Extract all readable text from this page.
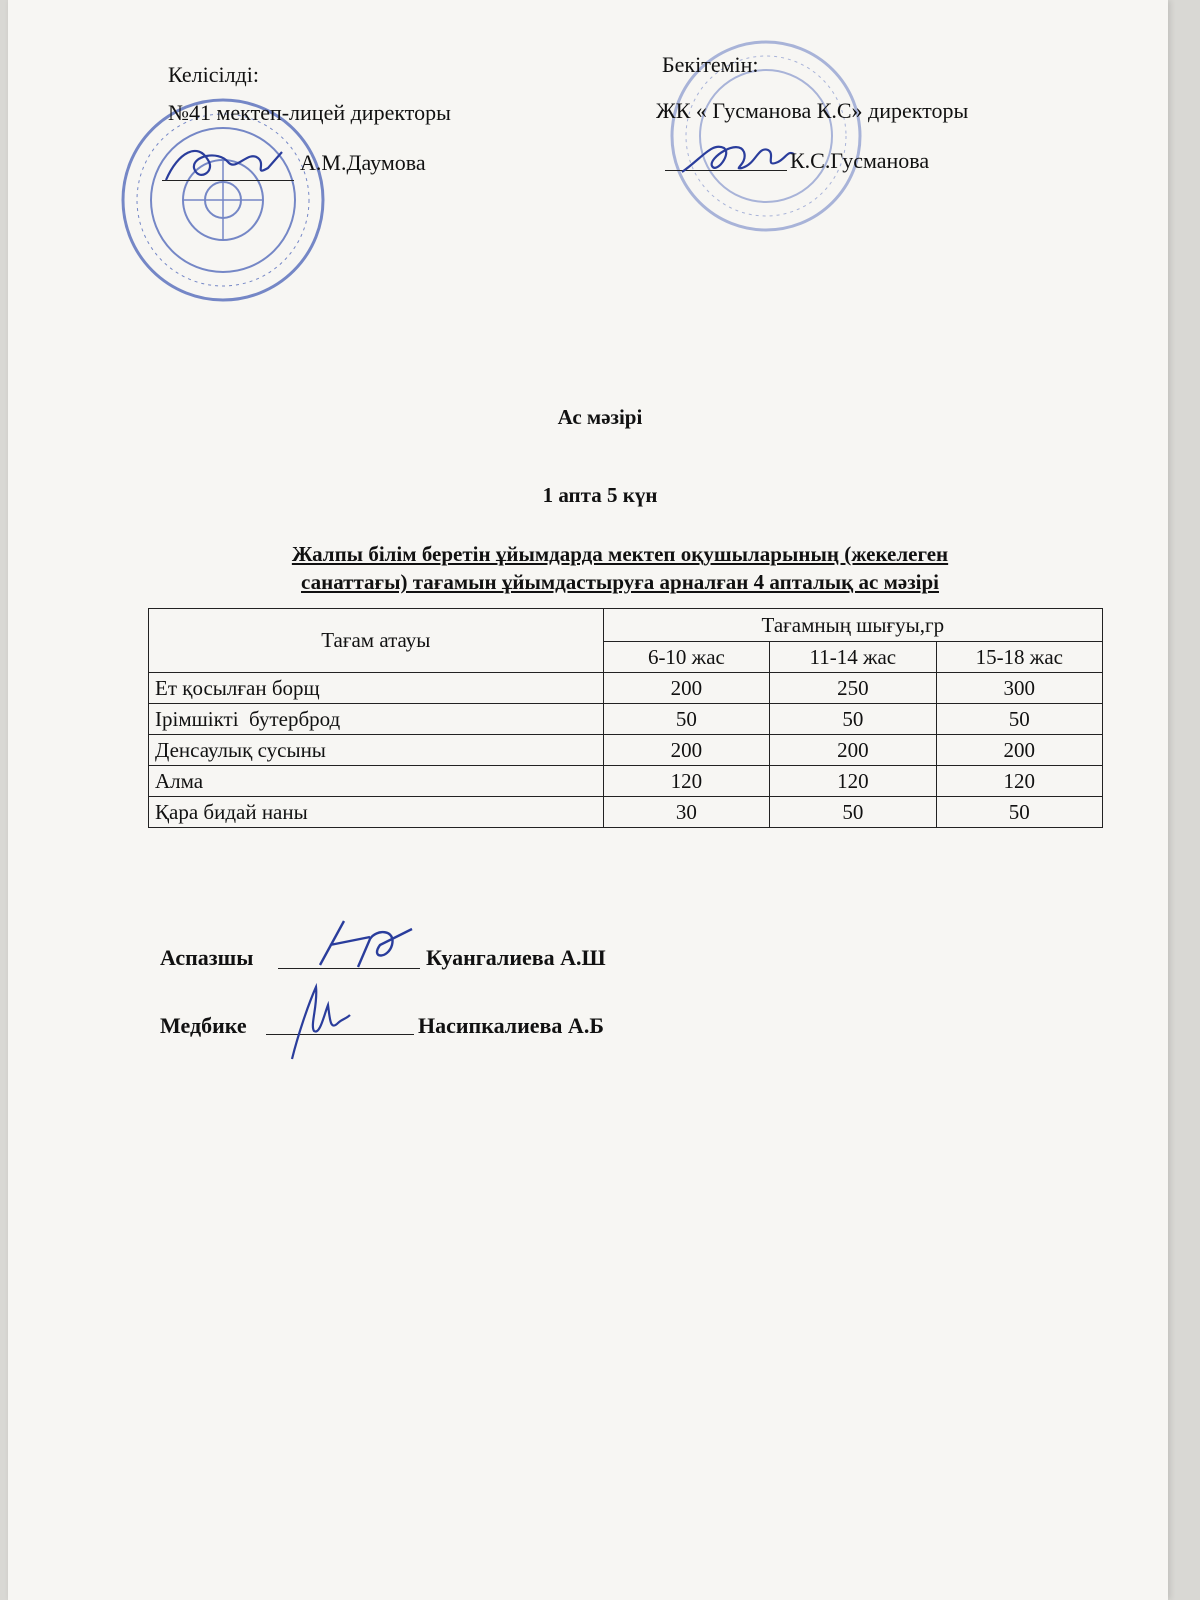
Келісілді:
№41 мектеп-лицей директоры
А.М.Даумова
Бекітемін:
ЖК « Гусманова К.С» директоры
К.С.Гусманова
Ас мәзірі
1 апта 5 күн
Жалпы білім беретін ұйымдарда мектеп оқушыларының (жекелеген
санаттағы) тағамын ұйымдастыруға арналған 4 апталық ас мәзірі
Тағам атауы	Тағамның шығуы,гр		
	6-10 жас	11-14 жас	15-18 жас
Ет қосылған борщ	200	250	300
Ірімшікті  бутерброд	50	50	50
Денсаулық сусыны	200	200	200
Алма	120	120	120
Қара бидай наны	30	50	50
Аспазшы	Куангалиева А.Ш
Медбике	Насипкалиева А.Б
